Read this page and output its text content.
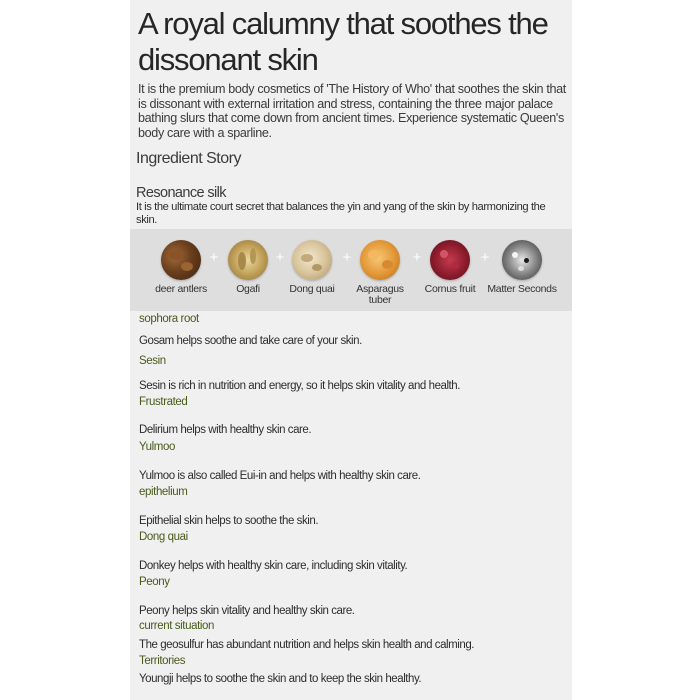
A royal calumny that soothes the dissonant skin

It is the premium body cosmetics of 'The History of Who' that soothes the skin that is dissonant with external irritation and stress, containing the three major palace bathing slurs that come down from ancient times. Experience systematic Queen's body care with a sparline.

Ingredient Story
Resonance silk

It is the ultimate court secret that balances the yin and yang of the skin by harmonizing the skin.

deer antlers
+
Ogafi
+
Dong quai
+
Asparagus tuber
+
Cornus fruit
+
Matter Seconds
sophora root

Gosam helps soothe and take care of your skin.

Sesin

Sesin is rich in nutrition and energy, so it helps skin vitality and health.

Frustrated

Delirium helps with healthy skin care.

Yulmoo

Yulmoo is also called Eui-in and helps with healthy skin care.

epithelium

Epithelial skin helps to soothe the skin.

Dong quai

Donkey helps with healthy skin care, including skin vitality.

Peony

Peony helps skin vitality and healthy skin care.

current situation

The geosulfur has abundant nutrition and helps skin health and calming.

Territories

Youngji helps to soothe the skin and to keep the skin healthy.
